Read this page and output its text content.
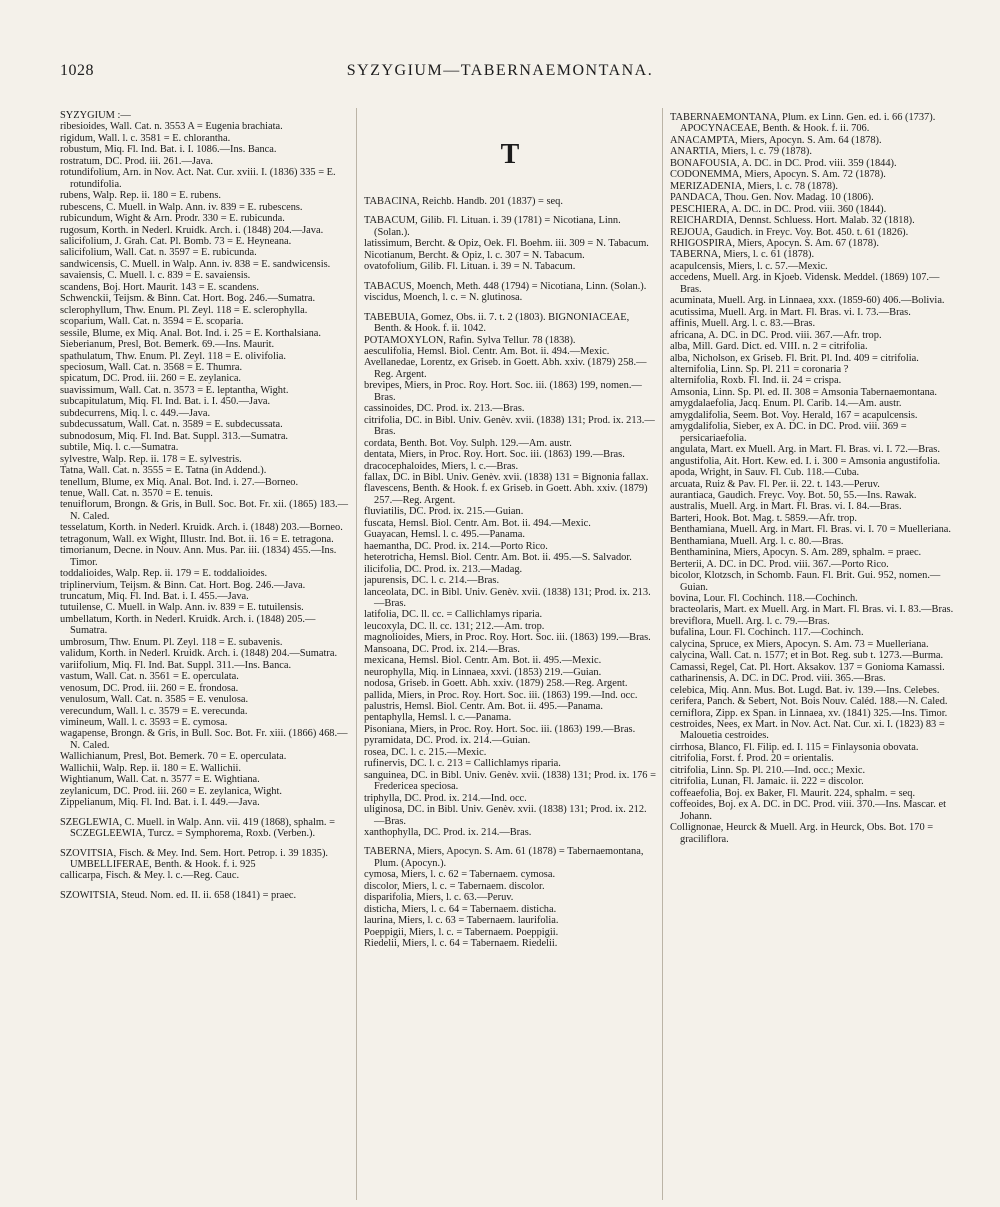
1028	SYZYGIUM—TABERNAEMONTANA.

SYZYGIUM :—

ribesioides, Wall. Cat. n. 3553 A = Eugenia brachiata.

rigidum, Wall. l. c. 3581 = E. chlorantha.

robustum, Miq. Fl. Ind. Bat. i. I. 1086.—Ins. Banca.

rostratum, DC. Prod. iii. 261.—Java.

rotundifolium, Arn. in Nov. Act. Nat. Cur. xviii. I. (1836) 335 = E. rotundifolia.

rubens, Walp. Rep. ii. 180 = E. rubens.

rubescens, C. Muell. in Walp. Ann. iv. 839 = E. rubescens.

rubicundum, Wight & Arn. Prodr. 330 = E. rubicunda.

rugosum, Korth. in Nederl. Kruidk. Arch. i. (1848) 204.—Java.

salicifolium, J. Grah. Cat. Pl. Bomb. 73 = E. Heyneana.

salicifolium, Wall. Cat. n. 3597 = E. rubicunda.

sandwicensis, C. Muell. in Walp. Ann. iv. 838 = E. sandwicensis.

savaiensis, C. Muell. l. c. 839 = E. savaiensis.

scandens, Boj. Hort. Maurit. 143 = E. scandens.

Schwenckii, Teijsm. & Binn. Cat. Hort. Bog. 246.—Sumatra.

sclerophyllum, Thw. Enum. Pl. Zeyl. 118 = E. sclerophylla.

scoparium, Wall. Cat. n. 3594 = E. scoparia.

sessile, Blume, ex Miq. Anal. Bot. Ind. i. 25 = E. Korthalsiana.

Sieberianum, Presl, Bot. Bemerk. 69.—Ins. Maurit.

spathulatum, Thw. Enum. Pl. Zeyl. 118 = E. olivifolia.

speciosum, Wall. Cat. n. 3568 = E. Thumra.

spicatum, DC. Prod. iii. 260 = E. zeylanica.

suavissimum, Wall. Cat. n. 3573 = E. leptantha, Wight.

subcapitulatum, Miq. Fl. Ind. Bat. i. I. 450.—Java.

subdecurrens, Miq. l. c. 449.—Java.

subdecussatum, Wall. Cat. n. 3589 = E. subdecussata.

subnodosum, Miq. Fl. Ind. Bat. Suppl. 313.—Sumatra.

subtile, Miq. l. c.—Sumatra.

sylvestre, Walp. Rep. ii. 178 = E. sylvestris.

Tatna, Wall. Cat. n. 3555 = E. Tatna (in Addend.).

tenellum, Blume, ex Miq. Anal. Bot. Ind. i. 27.—Borneo.

tenue, Wall. Cat. n. 3570 = E. tenuis.

tenuiflorum, Brongn. & Gris, in Bull. Soc. Bot. Fr. xii. (1865) 183.—N. Caled.

tesselatum, Korth. in Nederl. Kruidk. Arch. i. (1848) 203.—Borneo.

tetragonum, Wall. ex Wight, Illustr. Ind. Bot. ii. 16 = E. tetragona.

timorianum, Decne. in Nouv. Ann. Mus. Par. iii. (1834) 455.—Ins. Timor.

toddalioides, Walp. Rep. ii. 179 = E. toddalioides.

triplinervium, Teijsm. & Binn. Cat. Hort. Bog. 246.—Java.

truncatum, Miq. Fl. Ind. Bat. i. I. 455.—Java.

tutuilense, C. Muell. in Walp. Ann. iv. 839 = E. tutuilensis.

umbellatum, Korth. in Nederl. Kruidk. Arch. i. (1848) 205.—Sumatra.

umbrosum, Thw. Enum. Pl. Zeyl. 118 = E. subavenis.

validum, Korth. in Nederl. Kruidk. Arch. i. (1848) 204.—Sumatra.

variifolium, Miq. Fl. Ind. Bat. Suppl. 311.—Ins. Banca.

vastum, Wall. Cat. n. 3561 = E. operculata.

venosum, DC. Prod. iii. 260 = E. frondosa.

venulosum, Wall. Cat. n. 3585 = E. venulosa.

verecundum, Wall. l. c. 3579 = E. verecunda.

vimineum, Wall. l. c. 3593 = E. cymosa.

wagapense, Brongn. & Gris, in Bull. Soc. Bot. Fr. xiii. (1866) 468.—N. Caled.

Wallichianum, Presl, Bot. Bemerk. 70 = E. operculata.

Wallichii, Walp. Rep. ii. 180 = E. Wallichii.

Wightianum, Wall. Cat. n. 3577 = E. Wightiana.

zeylanicum, DC. Prod. iii. 260 = E. zeylanica, Wight.

Zippelianum, Miq. Fl. Ind. Bat. i. I. 449.—Java.

SZEGLEWIA, C. Muell. in Walp. Ann. vii. 419 (1868), sphalm. = SCZEGLEEWIA, Turcz. = Symphorema, Roxb. (Verben.).

SZOVITSIA, Fisch. & Mey. Ind. Sem. Hort. Petrop. i. 39 1835). UMBELLIFERAE, Benth. & Hook. f. i. 925

callicarpa, Fisch. & Mey. l. c.—Reg. Cauc.

SZOWITSIA, Steud. Nom. ed. II. ii. 658 (1841) = praec.

T

TABACINA, Reichb. Handb. 201 (1837) = seq.

TABACUM, Gilib. Fl. Lituan. i. 39 (1781) = Nicotiana, Linn. (Solan.).

latissimum, Bercht. & Opiz, Oek. Fl. Boehm. iii. 309 = N. Tabacum.

Nicotianum, Bercht. & Opiz, l. c. 307 = N. Tabacum.

ovatofolium, Gilib. Fl. Lituan. i. 39 = N. Tabacum.

TABACUS, Moench, Meth. 448 (1794) = Nicotiana, Linn. (Solan.).

viscidus, Moench, l. c. = N. glutinosa.

TABEBUIA, Gomez, Obs. ii. 7. t. 2 (1803). BIGNONIACEAE, Benth. & Hook. f. ii. 1042.

POTAMOXYLON, Rafin. Sylva Tellur. 78 (1838).

aesculifolia, Hemsl. Biol. Centr. Am. Bot. ii. 494.—Mexic.

Avellanedae, Lorentz, ex Griseb. in Goett. Abh. xxiv. (1879) 258.—Reg. Argent.

brevipes, Miers, in Proc. Roy. Hort. Soc. iii. (1863) 199, nomen.—Bras.

cassinoides, DC. Prod. ix. 213.—Bras.

citrifolia, DC. in Bibl. Univ. Genèv. xvii. (1838) 131; Prod. ix. 213.—Bras.

cordata, Benth. Bot. Voy. Sulph. 129.—Am. austr.

dentata, Miers, in Proc. Roy. Hort. Soc. iii. (1863) 199.—Bras.

dracocephaloides, Miers, l. c.—Bras.

fallax, DC. in Bibl. Univ. Genèv. xvii. (1838) 131 = Bignonia fallax.

flavescens, Benth. & Hook. f. ex Griseb. in Goett. Abh. xxiv. (1879) 257.—Reg. Argent.

fluviatilis, DC. Prod. ix. 215.—Guian.

fuscata, Hemsl. Biol. Centr. Am. Bot. ii. 494.—Mexic.

Guayacan, Hemsl. l. c. 495.—Panama.

haemantha, DC. Prod. ix. 214.—Porto Rico.

heterotricha, Hemsl. Biol. Centr. Am. Bot. ii. 495.—S. Salvador.

ilicifolia, DC. Prod. ix. 213.—Madag.

japurensis, DC. l. c. 214.—Bras.

lanceolata, DC. in Bibl. Univ. Genèv. xvii. (1838) 131; Prod. ix. 213.—Bras.

latifolia, DC. ll. cc. = Callichlamys riparia.

leucoxyla, DC. ll. cc. 131; 212.—Am. trop.

magnolioides, Miers, in Proc. Roy. Hort. Soc. iii. (1863) 199.—Bras.

Mansoana, DC. Prod. ix. 214.—Bras.

mexicana, Hemsl. Biol. Centr. Am. Bot. ii. 495.—Mexic.

neurophylla, Miq. in Linnaea, xxvi. (1853) 219.—Guian.

nodosa, Griseb. in Goett. Abh. xxiv. (1879) 258.—Reg. Argent.

pallida, Miers, in Proc. Roy. Hort. Soc. iii. (1863) 199.—Ind. occ.

palustris, Hemsl. Biol. Centr. Am. Bot. ii. 495.—Panama.

pentaphylla, Hemsl. l. c.—Panama.

Pisoniana, Miers, in Proc. Roy. Hort. Soc. iii. (1863) 199.—Bras.

pyramidata, DC. Prod. ix. 214.—Guian.

rosea, DC. l. c. 215.—Mexic.

rufinervis, DC. l. c. 213 = Callichlamys riparia.

sanguinea, DC. in Bibl. Univ. Genèv. xvii. (1838) 131; Prod. ix. 176 = Fredericea speciosa.

triphylla, DC. Prod. ix. 214.—Ind. occ.

uliginosa, DC. in Bibl. Univ. Genèv. xvii. (1838) 131; Prod. ix. 212.—Bras.

xanthophylla, DC. Prod. ix. 214.—Bras.

TABERNA, Miers, Apocyn. S. Am. 61 (1878) = Tabernaemontana, Plum. (Apocyn.).

cymosa, Miers, l. c. 62 = Tabernaem. cymosa.

discolor, Miers, l. c. = Tabernaem. discolor.

disparifolia, Miers, l. c. 63.—Peruv.

disticha, Miers, l. c. 64 = Tabernaem. disticha.

laurina, Miers, l. c. 63 = Tabernaem. laurifolia.

Poeppigii, Miers, l. c. = Tabernaem. Poeppigii.

Riedelii, Miers, l. c. 64 = Tabernaem. Riedelii.

TABERNAEMONTANA, Plum. ex Linn. Gen. ed. i. 66 (1737). APOCYNACEAE, Benth. & Hook. f. ii. 706.

ANACAMPTA, Miers, Apocyn. S. Am. 64 (1878).

ANARTIA, Miers, l. c. 79 (1878).

BONAFOUSIA, A. DC. in DC. Prod. viii. 359 (1844).

CODONEMMA, Miers, Apocyn. S. Am. 72 (1878).

MERIZADENIA, Miers, l. c. 78 (1878).

PANDACA, Thou. Gen. Nov. Madag. 10 (1806).

PESCHIERA, A. DC. in DC. Prod. viii. 360 (1844).

REICHARDIA, Dennst. Schluess. Hort. Malab. 32 (1818).

REJOUA, Gaudich. in Freyc. Voy. Bot. 450. t. 61 (1826).

RHIGOSPIRA, Miers, Apocyn. S. Am. 67 (1878).

TABERNA, Miers, l. c. 61 (1878).

acapulcensis, Miers, l. c. 57.—Mexic.

accedens, Muell. Arg. in Kjoeb. Vidensk. Meddel. (1869) 107.—Bras.

acuminata, Muell. Arg. in Linnaea, xxx. (1859-60) 406.—Bolivia.

acutissima, Muell. Arg. in Mart. Fl. Bras. vi. I. 73.—Bras.

affinis, Muell. Arg. l. c. 83.—Bras.

africana, A. DC. in DC. Prod. viii. 367.—Afr. trop.

alba, Mill. Gard. Dict. ed. VIII. n. 2 = citrifolia.

alba, Nicholson, ex Griseb. Fl. Brit. Pl. Ind. 409 = citrifolia.

alternifolia, Linn. Sp. Pl. 211 = coronaria ?

alternifolia, Roxb. Fl. Ind. ii. 24 = crispa.

Amsonia, Linn. Sp. Pl. ed. II. 308 = Amsonia Tabernaemontana.

amygdalaefolia, Jacq. Enum. Pl. Carib. 14.—Am. austr.

amygdalifolia, Seem. Bot. Voy. Herald, 167 = acapulcensis.

amygdalifolia, Sieber, ex A. DC. in DC. Prod. viii. 369 = persicariaefolia.

angulata, Mart. ex Muell. Arg. in Mart. Fl. Bras. vi. I. 72.—Bras.

angustifolia, Ait. Hort. Kew. ed. I. i. 300 = Amsonia angustifolia.

apoda, Wright, in Sauv. Fl. Cub. 118.—Cuba.

arcuata, Ruiz & Pav. Fl. Per. ii. 22. t. 143.—Peruv.

aurantiaca, Gaudich. Freyc. Voy. Bot. 50, 55.—Ins. Rawak.

australis, Muell. Arg. in Mart. Fl. Bras. vi. I. 84.—Bras.

Barteri, Hook. Bot. Mag. t. 5859.—Afr. trop.

Benthamiana, Muell. Arg. in Mart. Fl. Bras. vi. I. 70 = Muelleriana.

Benthamiana, Muell. Arg. l. c. 80.—Bras.

Benthaminina, Miers, Apocyn. S. Am. 289, sphalm. = praec.

Berterii, A. DC. in DC. Prod. viii. 367.—Porto Rico.

bicolor, Klotzsch, in Schomb. Faun. Fl. Brit. Gui. 952, nomen.—Guian.

bovina, Lour. Fl. Cochinch. 118.—Cochinch.

bracteolaris, Mart. ex Muell. Arg. in Mart. Fl. Bras. vi. I. 83.—Bras.

breviflora, Muell. Arg. l. c. 79.—Bras.

bufalina, Lour. Fl. Cochinch. 117.—Cochinch.

calycina, Spruce, ex Miers, Apocyn. S. Am. 73 = Muelleriana.

calycina, Wall. Cat. n. 1577; et in Bot. Reg. sub t. 1273.—Burma.

Camassi, Regel, Cat. Pl. Hort. Aksakov. 137 = Gonioma Kamassi.

catharinensis, A. DC. in DC. Prod. viii. 365.—Bras.

celebica, Miq. Ann. Mus. Bot. Lugd. Bat. iv. 139.—Ins. Celebes.

cerifera, Panch. & Sebert, Not. Bois Nouv. Caléd. 188.—N. Caled.

cerniflora, Zipp. ex Span. in Linnaea, xv. (1841) 325.—Ins. Timor.

cestroides, Nees, ex Mart. in Nov. Act. Nat. Cur. xi. I. (1823) 83 = Malouetia cestroides.

cirrhosa, Blanco, Fl. Filip. ed. I. 115 = Finlaysonia obovata.

citrifolia, Forst. f. Prod. 20 = orientalis.

citrifolia, Linn. Sp. Pl. 210.—Ind. occ.; Mexic.

citrifolia, Lunan, Fl. Jamaic. ii. 222 = discolor.

coffeaefolia, Boj. ex Baker, Fl. Maurit. 224, sphalm. = seq.

coffeoides, Boj. ex A. DC. in DC. Prod. viii. 370.—Ins. Mascar. et Johann.

Collignonae, Heurck & Muell. Arg. in Heurck, Obs. Bot. 170 = graciliflora.
